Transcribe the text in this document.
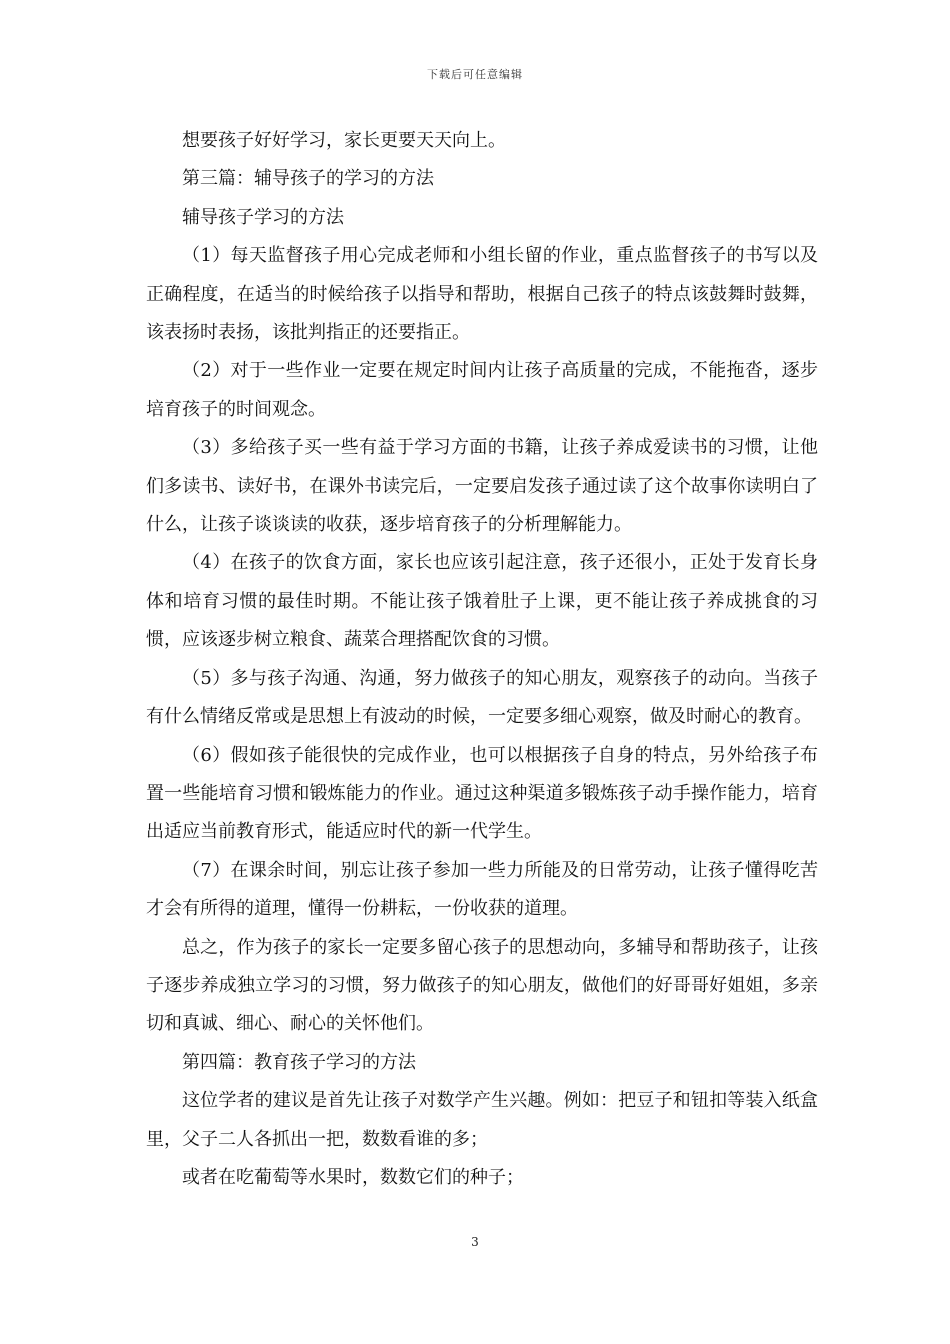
下载后可任意编辑

想要孩子好好学习，家长更要天天向上。

第三篇：辅导孩子的学习的方法

辅导孩子学习的方法

（1）每天监督孩子用心完成老师和小组长留的作业，重点监督孩子的书写以及正确程度，在适当的时候给孩子以指导和帮助，根据自己孩子的特点该鼓舞时鼓舞，该表扬时表扬，该批判指正的还要指正。

（2）对于一些作业一定要在规定时间内让孩子高质量的完成，不能拖沓，逐步培育孩子的时间观念。

（3）多给孩子买一些有益于学习方面的书籍，让孩子养成爱读书的习惯，让他们多读书、读好书，在课外书读完后，一定要启发孩子通过读了这个故事你读明白了什么，让孩子谈谈读的收获，逐步培育孩子的分析理解能力。

（4）在孩子的饮食方面，家长也应该引起注意，孩子还很小，正处于发育长身体和培育习惯的最佳时期。不能让孩子饿着肚子上课，更不能让孩子养成挑食的习惯，应该逐步树立粮食、蔬菜合理搭配饮食的习惯。

（5）多与孩子沟通、沟通，努力做孩子的知心朋友，观察孩子的动向。当孩子有什么情绪反常或是思想上有波动的时候，一定要多细心观察，做及时耐心的教育。

（6）假如孩子能很快的完成作业，也可以根据孩子自身的特点，另外给孩子布置一些能培育习惯和锻炼能力的作业。通过这种渠道多锻炼孩子动手操作能力，培育出适应当前教育形式，能适应时代的新一代学生。

（7）在课余时间，别忘让孩子参加一些力所能及的日常劳动，让孩子懂得吃苦才会有所得的道理，懂得一份耕耘，一份收获的道理。

总之，作为孩子的家长一定要多留心孩子的思想动向，多辅导和帮助孩子，让孩子逐步养成独立学习的习惯，努力做孩子的知心朋友，做他们的好哥哥好姐姐，多亲切和真诚、细心、耐心的关怀他们。

第四篇：教育孩子学习的方法

这位学者的建议是首先让孩子对数学产生兴趣。例如：把豆子和钮扣等装入纸盒里，父子二人各抓出一把，数数看谁的多；

或者在吃葡萄等水果时，数数它们的种子；

3
